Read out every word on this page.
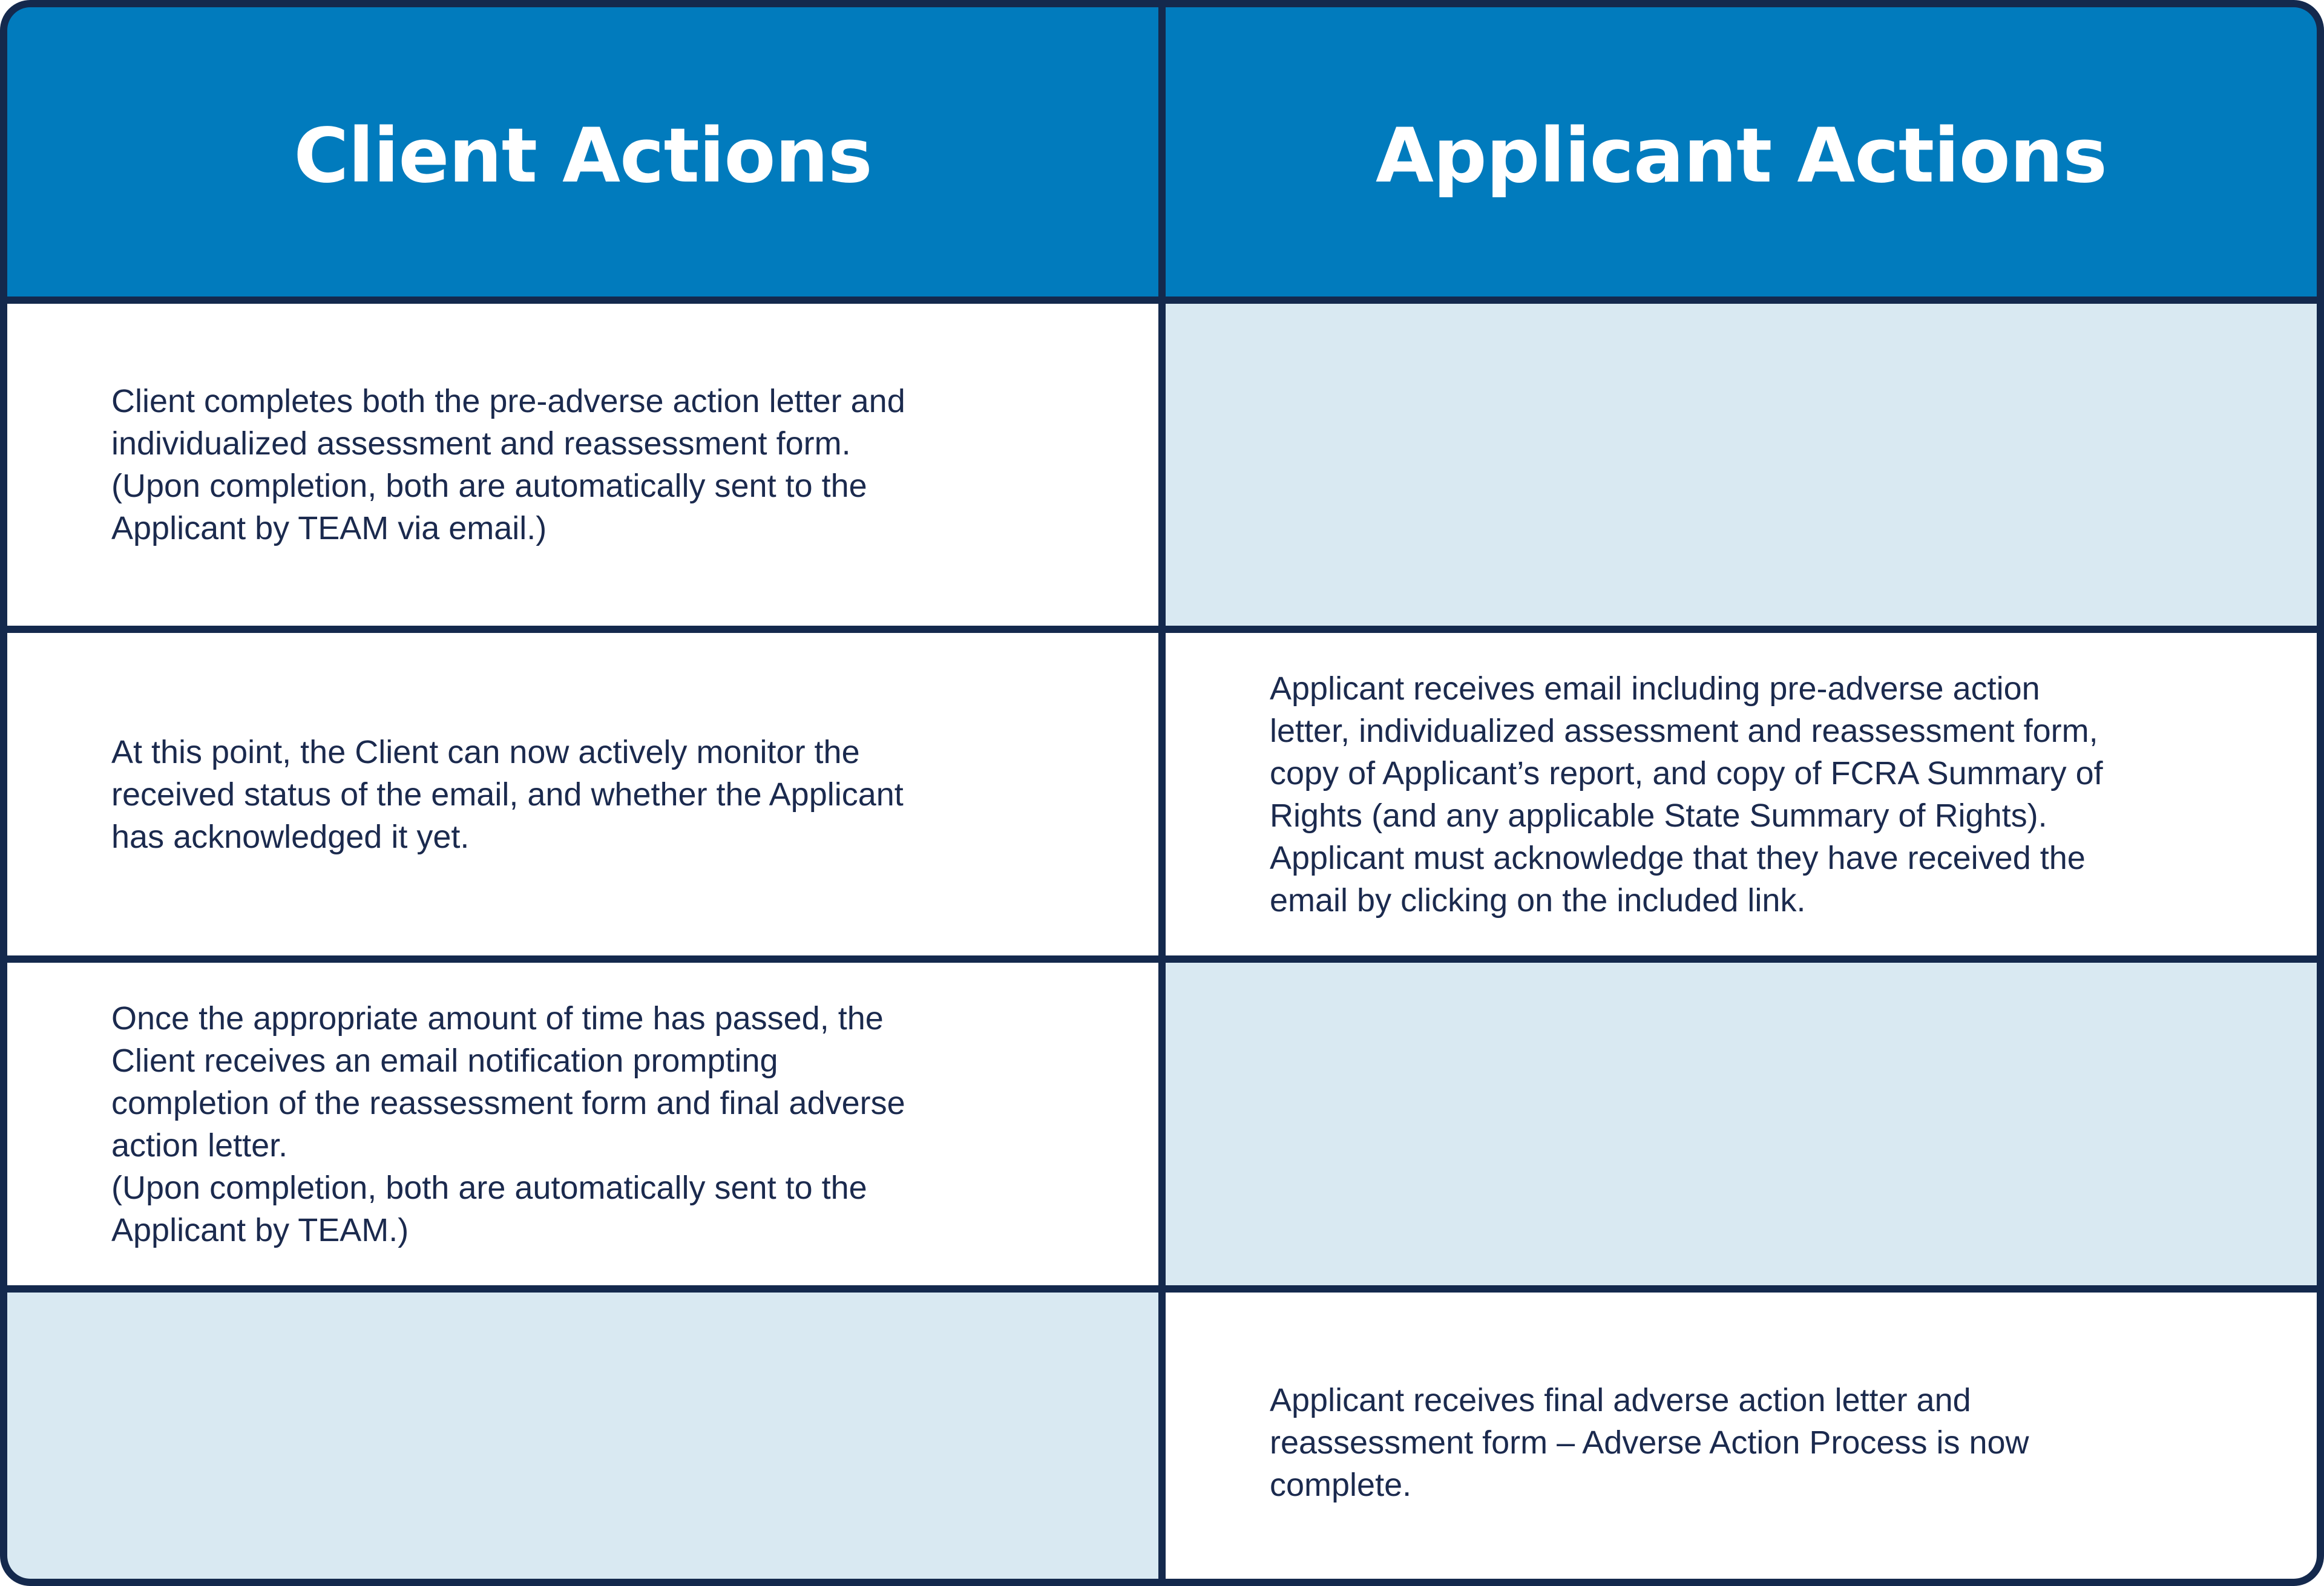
Client Actions	Applicant Actions
Client completes both the pre-adverse action letter and
individualized assessment and reassessment form.
(Upon completion, both are automatically sent to the
Applicant by TEAM via email.)
At this point, the Client can now actively monitor the
received status of the email, and whether the Applicant
has acknowledged it yet.
Applicant receives email including pre-adverse action
letter, individualized assessment and reassessment form,
copy of Applicant’s report, and copy of FCRA Summary of
Rights (and any applicable State Summary of Rights).
Applicant must acknowledge that they have received the
email by clicking on the included link.
Once the appropriate amount of time has passed, the
Client receives an email notification prompting
completion of the reassessment form and final adverse
action letter.
(Upon completion, both are automatically sent to the
Applicant by TEAM.)
Applicant receives final adverse action letter and
reassessment form – Adverse Action Process is now
complete.
